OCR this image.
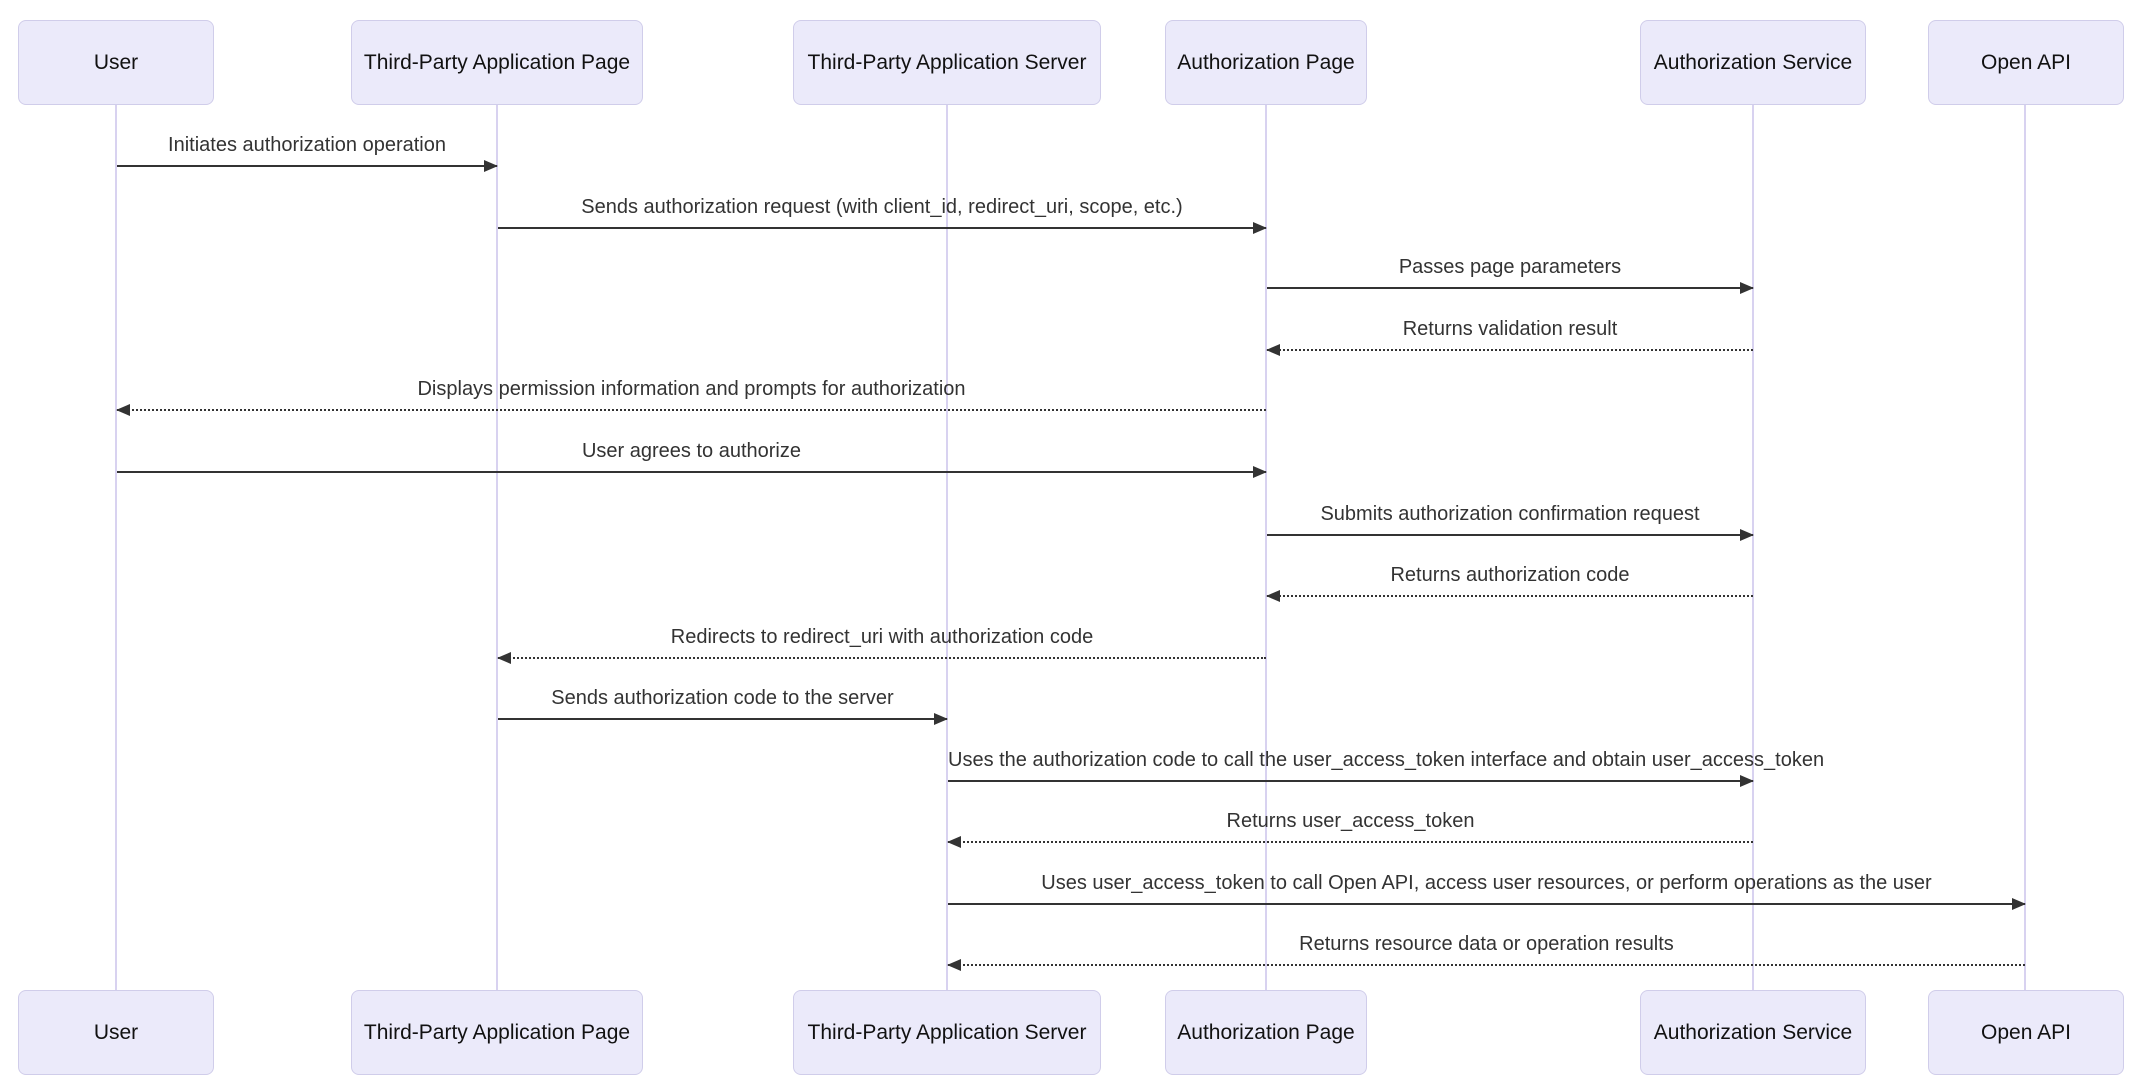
User	Third-Party Application Page	Third-Party Application Server	Authorization Page	Authorization Service	Open API
User	Third-Party Application Page	Third-Party Application Server	Authorization Page	Authorization Service	Open API
Initiates authorization operation
Sends authorization request (with client_id, redirect_uri, scope, etc.)
Passes page parameters
Returns validation result
Displays permission information and prompts for authorization
User agrees to authorize
Submits authorization confirmation request
Returns authorization code
Redirects to redirect_uri with authorization code
Sends authorization code to the server
Uses the authorization code to call the user_access_token interface and obtain user_access_token
Returns user_access_token
Uses user_access_token to call Open API, access user resources, or perform operations as the user
Returns resource data or operation results
